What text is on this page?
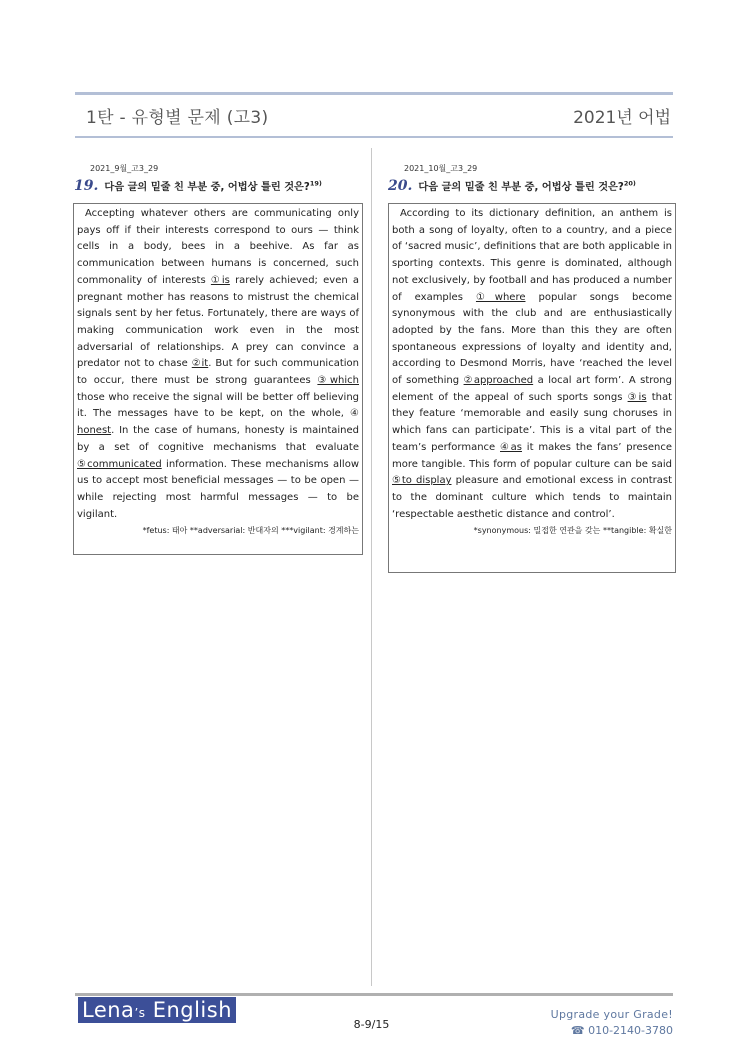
1탄 - 유형별 문제 (고3)	2021년 어법
2021_9월_고3_29
19. 다음 글의 밑줄 친 부분 중, 어법상 틀린 것은?$^{19)}$

Accepting whatever others are communicating only pays off if their interests correspond to ours — think cells in a body, bees in a beehive. As far as communication between humans is concerned, such commonality of interests ①is rarely achieved; even a pregnant mother has reasons to mistrust the chemical signals sent by her fetus. Fortunately, there are ways of making communication work even in the most adversarial of relationships. A prey can convince a predator not to chase ②it. But for such communication to occur, there must be strong guarantees ③which those who receive the signal will be better off believing it. The messages have to be kept, on the whole, ④ honest. In the case of humans, honesty is maintained by a set of cognitive mechanisms that evaluate ⑤communicated information. These mechanisms allow us to accept most beneficial messages — to be open — while rejecting most harmful messages — to be vigilant.

*fetus: 태아 **adversarial: 반대자의 ***vigilant: 경계하는
2021_10월_고3_29
20. 다음 글의 밑줄 친 부분 중, 어법상 틀린 것은?$^{20)}$

According to its dictionary definition, an anthem is both a song of loyalty, often to a country, and a piece of ‘sacred music’, definitions that are both applicable in sporting contexts. This genre is dominated, although not exclusively, by football and has produced a number of examples ①where popular songs become synonymous with the club and are enthusiastically adopted by the fans. More than this they are often spontaneous expressions of loyalty and identity and, according to Desmond Morris, have ‘reached the level of something ②approached a local art form’. A strong element of the appeal of such sports songs ③is that they feature ‘memorable and easily sung choruses in which fans can participate’. This is a vital part of the team’s performance ④as it makes the fans’ presence more tangible. This form of popular culture can be said ⑤to display pleasure and emotional excess in contrast to the dominant culture which tends to maintain ‘respectable aesthetic distance and control’.

*synonymous: 밀접한 연관을 갖는 **tangible: 확실한
Lena’s English
8-9/15
Upgrade your Grade!
☎ 010-2140-3780
